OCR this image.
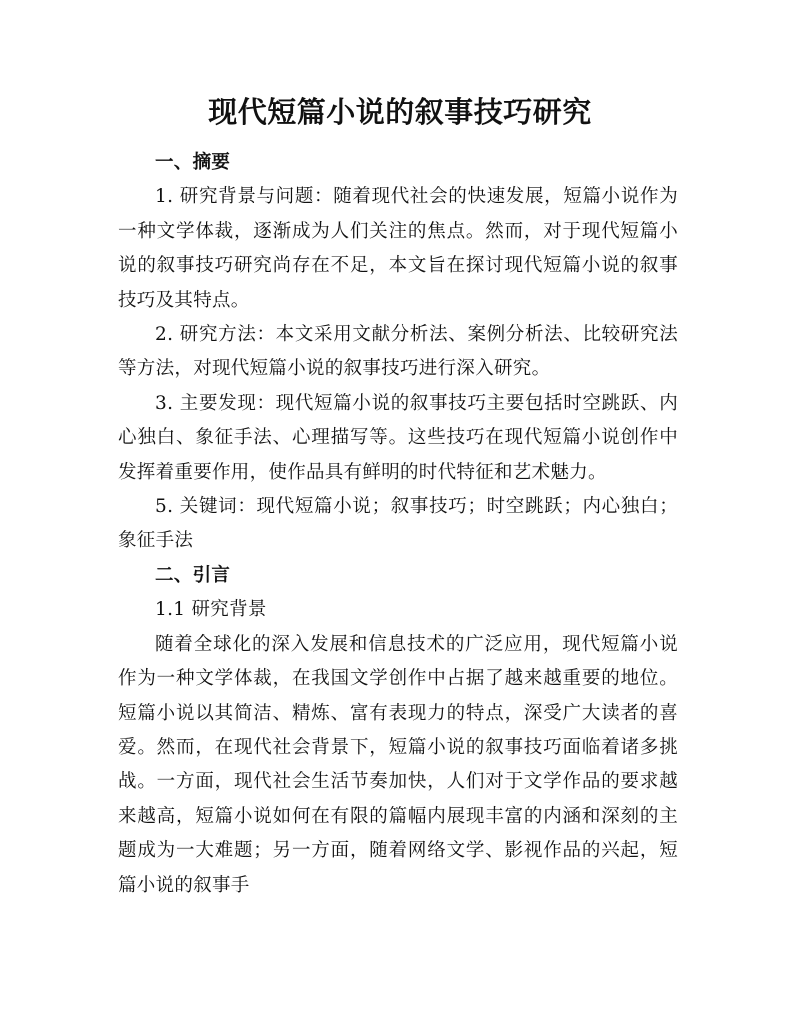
现代短篇小说的叙事技巧研究

一、摘要

1. 研究背景与问题：随着现代社会的快速发展，短篇小说作为一种文学体裁，逐渐成为人们关注的焦点。然而，对于现代短篇小说的叙事技巧研究尚存在不足，本文旨在探讨现代短篇小说的叙事技巧及其特点。

2. 研究方法：本文采用文献分析法、案例分析法、比较研究法等方法，对现代短篇小说的叙事技巧进行深入研究。

3. 主要发现：现代短篇小说的叙事技巧主要包括时空跳跃、内心独白、象征手法、心理描写等。这些技巧在现代短篇小说创作中发挥着重要作用，使作品具有鲜明的时代特征和艺术魅力。

5. 关键词：现代短篇小说；叙事技巧；时空跳跃；内心独白；象征手法

二、引言

1.1 研究背景

随着全球化的深入发展和信息技术的广泛应用，现代短篇小说作为一种文学体裁，在我国文学创作中占据了越来越重要的地位。短篇小说以其简洁、精炼、富有表现力的特点，深受广大读者的喜爱。然而，在现代社会背景下，短篇小说的叙事技巧面临着诸多挑战。一方面，现代社会生活节奏加快，人们对于文学作品的要求越来越高，短篇小说如何在有限的篇幅内展现丰富的内涵和深刻的主题成为一大难题；另一方面，随着网络文学、影视作品的兴起，短篇小说的叙事手
